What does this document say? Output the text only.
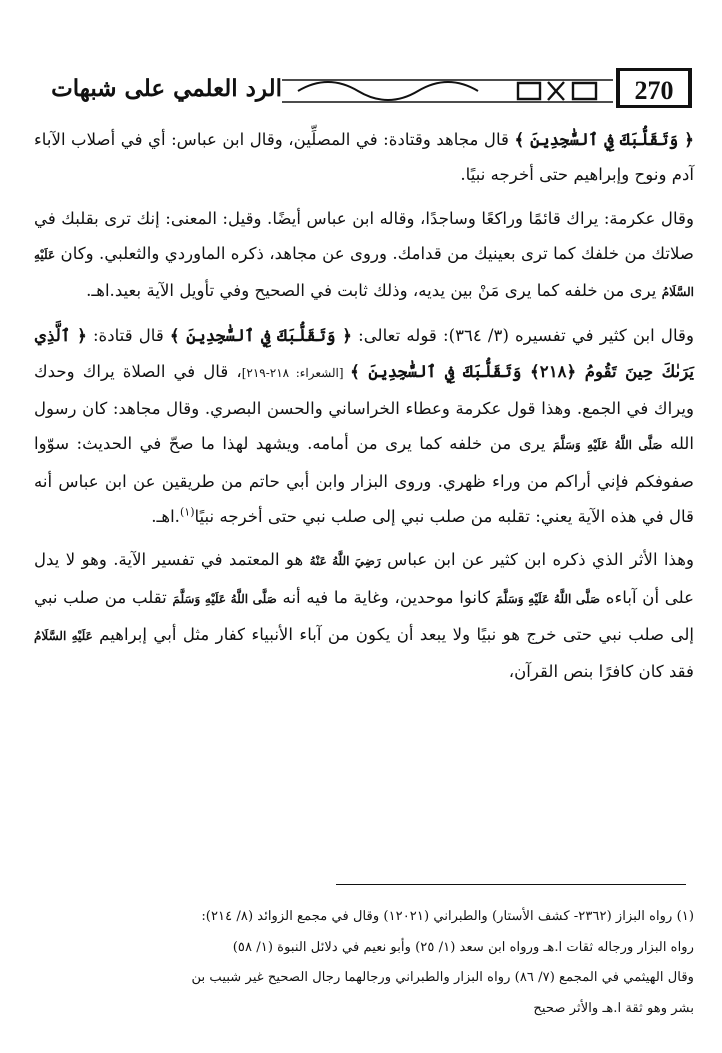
الرد العلمي على شبهات	270

﴿ وَتَقَلُّبَكَ فِي ٱلسَّٰجِدِينَ ﴾ قال مجاهد وقتادة: في المصلِّين، وقال ابن عباس: أي في أصلاب الآباء آدم ونوح وإبراهيم حتى أخرجه نبيًا.

وقال عكرمة: يراك قائمًا وراكعًا وساجدًا، وقاله ابن عباس أيضًا. وقيل: المعنى: إنك ترى بقلبك في صلاتك من خلفك كما ترى بعينيك من قدامك. وروى عن مجاهد، ذكره الماوردي والثعلبي. وكان عَلَيْهِ السَّلَامُ يرى من خلفه كما يرى مَنْ بين يديه، وذلك ثابت في الصحيح وفي تأويل الآية بعيد.اهـ.

وقال ابن كثير في تفسيره (٣/ ٣٦٤): قوله تعالى: ﴿ وَتَقَلُّبَكَ فِي ٱلسَّٰجِدِينَ ﴾ قال قتادة: ﴿ ٱلَّذِي يَرَىٰكَ حِينَ تَقُومُ ﴿٢١٨﴾ وَتَقَلُّبَكَ فِي ٱلسَّٰجِدِينَ ﴾ [الشعراء: ٢١٨-٢١٩]، قال في الصلاة يراك وحدك ويراك في الجمع. وهذا قول عكرمة وعطاء الخراساني والحسن البصري. وقال مجاهد: كان رسول الله صَلَّى اللَّهُ عَلَيْهِ وَسَلَّمَ يرى من خلفه كما يرى من أمامه. ويشهد لهذا ما صحّ في الحديث: سوّوا صفوفكم فإني أراكم من وراء ظهري. وروى البزار وابن أبي حاتم من طريقين عن ابن عباس أنه قال في هذه الآية يعني: تقلبه من صلب نبي إلى صلب نبي حتى أخرجه نبيًا$^{(١)}$.اهـ.

وهذا الأثر الذي ذكره ابن كثير عن ابن عباس رَضِيَ اللَّهُ عَنْهُ هو المعتمد في تفسير الآية. وهو لا يدل على أن آباءه صَلَّى اللَّهُ عَلَيْهِ وَسَلَّمَ كانوا موحدين، وغاية ما فيه أنه صَلَّى اللَّهُ عَلَيْهِ وَسَلَّمَ تقلب من صلب نبي إلى صلب نبي حتى خرج هو نبيًا ولا يبعد أن يكون من آباء الأنبياء كفار مثل أبي إبراهيم عَلَيْهِ السَّلَامُ فقد كان كافرًا بنص القرآن،

(١) رواه البزاز (٢٣٦٢- كشف الأستار) والطبراني (١٢٠٢١) وقال في مجمع الزوائد (٨/ ٢١٤):

رواه البزار ورجاله ثقات ا.هـ ورواه ابن سعد (١/ ٢٥) وأبو نعيم في دلائل النبوة (١/ ٥٨)

وقال الهيثمي في المجمع (٧/ ٨٦) رواه البزار والطبراني ورجالهما رجال الصحيح غير شبيب بن

بشر وهو ثقة ا.هـ والأثر صحيح
